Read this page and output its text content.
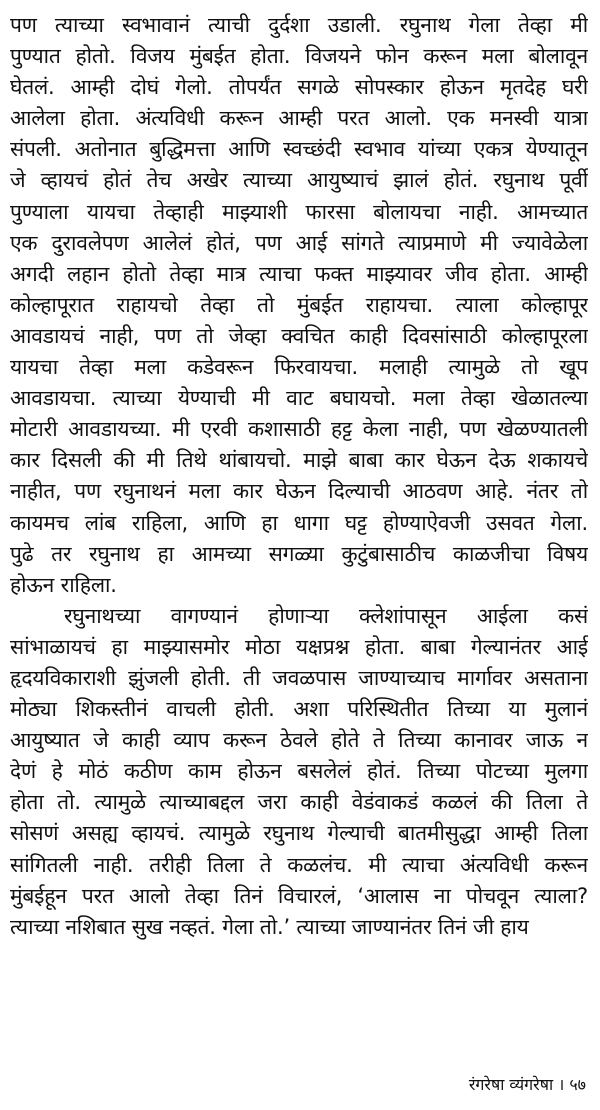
पण त्याच्या स्वभावानं त्याची दुर्दशा उडाली. रघुनाथ गेला तेव्हा मी
पुण्यात होतो. विजय मुंबईत होता. विजयने फोन करून मला बोलावून
घेतलं. आम्ही दोघं गेलो. तोपर्यंत सगळे सोपस्कार होऊन मृतदेह घरी
आलेला होता. अंत्यविधी करून आम्ही परत आलो. एक मनस्वी यात्रा
संपली. अतोनात बुद्धिमत्ता आणि स्वच्छंदी स्वभाव यांच्या एकत्र येण्यातून
जे व्हायचं होतं तेच अखेर त्याच्या आयुष्याचं झालं होतं. रघुनाथ पूर्वी
पुण्याला यायचा तेव्हाही माझ्याशी फारसा बोलायचा नाही. आमच्यात
एक दुरावलेपण आलेलं होतं, पण आई सांगते त्याप्रमाणे मी ज्यावेळेला
अगदी लहान होतो तेव्हा मात्र त्याचा फक्त माझ्यावर जीव होता. आम्ही
कोल्हापूरात राहायचो तेव्हा तो मुंबईत राहायचा. त्याला कोल्हापूर
आवडायचं नाही, पण तो जेव्हा क्वचित काही दिवसांसाठी कोल्हापूरला
यायचा तेव्हा मला कडेवरून फिरवायचा. मलाही त्यामुळे तो खूप
आवडायचा. त्याच्या येण्याची मी वाट बघायचो. मला तेव्हा खेळातल्या
मोटारी आवडायच्या. मी एरवी कशासाठी हट्ट केला नाही, पण खेळण्यातली
कार दिसली की मी तिथे थांबायचो. माझे बाबा कार घेऊन देऊ शकायचे
नाहीत, पण रघुनाथनं मला कार घेऊन दिल्याची आठवण आहे. नंतर तो
कायमच लांब राहिला, आणि हा धागा घट्ट होण्याऐवजी उसवत गेला.
पुढे तर रघुनाथ हा आमच्या सगळ्या कुटुंबासाठीच काळजीचा विषय
होऊन राहिला.
रघुनाथच्या वागण्यानं होणाऱ्या क्लेशांपासून आईला कसं
सांभाळायचं हा माझ्यासमोर मोठा यक्षप्रश्न होता. बाबा गेल्यानंतर आई
हृदयविकाराशी झुंजली होती. ती जवळपास जाण्याच्याच मार्गावर असताना
मोठ्या शिकस्तीनं वाचली होती. अशा परिस्थितीत तिच्या या मुलानं
आयुष्यात जे काही व्याप करून ठेवले होते ते तिच्या कानावर जाऊ न
देणं हे मोठं कठीण काम होऊन बसलेलं होतं. तिच्या पोटच्या मुलगा
होता तो. त्यामुळे त्याच्याबद्दल जरा काही वेडंवाकडं कळलं की तिला ते
सोसणं असह्य व्हायचं. त्यामुळे रघुनाथ गेल्याची बातमीसुद्धा आम्ही तिला
सांगितली नाही. तरीही तिला ते कळलंच. मी त्याचा अंत्यविधी करून
मुंबईहून परत आलो तेव्हा तिनं विचारलं, ‘आलास ना पोचवून त्याला?
त्याच्या नशिबात सुख नव्हतं. गेला तो.’ त्याच्या जाण्यानंतर तिनं जी हाय
रंगरेषा व्यंगरेषा । ५७
